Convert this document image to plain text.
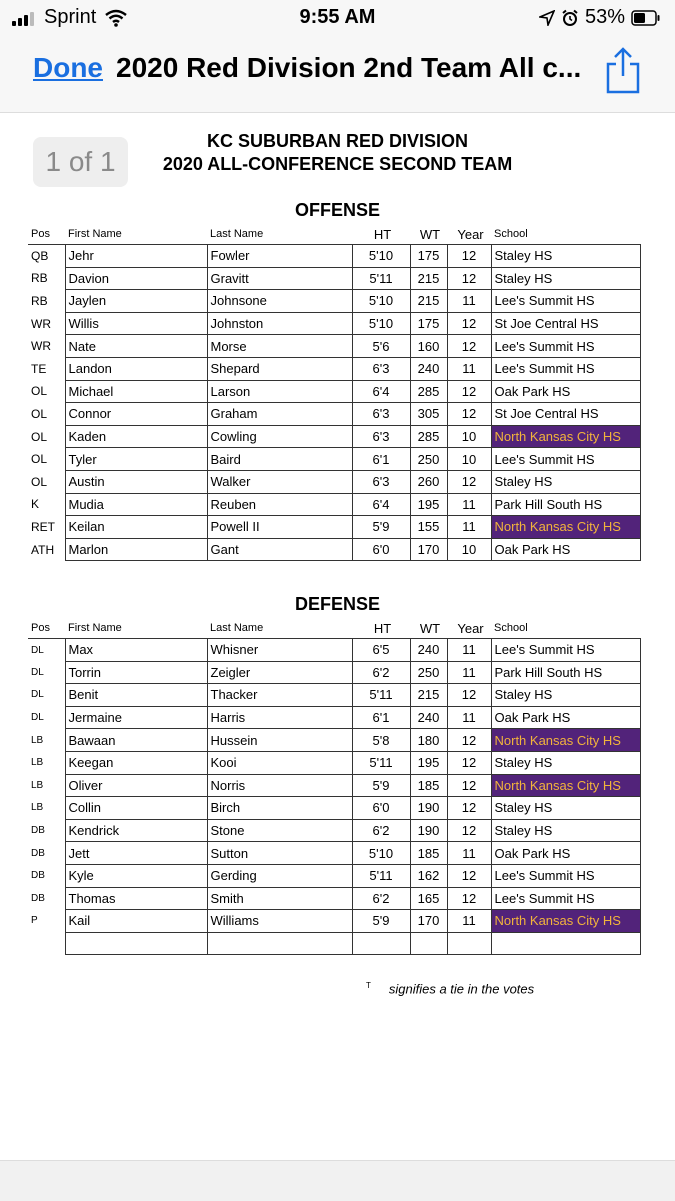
Sprint	9:55 AM	53%
Done 2020 Red Division 2nd Team All c...
1 of 1
KC SUBURBAN RED DIVISION
2020 ALL-CONFERENCE SECOND TEAM
OFFENSE
Pos	First Name	Last Name	HT	WT	Year	School
QB	Jehr	Fowler	5'10	175	12	Staley HS
RB	Davion	Gravitt	5'11	215	12	Staley HS
RB	Jaylen	Johnsone	5'10	215	11	Lee's Summit HS
WR	Willis	Johnston	5'10	175	12	St Joe Central HS
WR	Nate	Morse	5'6	160	12	Lee's Summit HS
TE	Landon	Shepard	6'3	240	11	Lee's Summit HS
OL	Michael	Larson	6'4	285	12	Oak Park HS
OL	Connor	Graham	6'3	305	12	St Joe Central HS
OL	Kaden	Cowling	6'3	285	10	North Kansas City HS
OL	Tyler	Baird	6'1	250	10	Lee's Summit HS
OL	Austin	Walker	6'3	260	12	Staley HS
K	Mudia	Reuben	6'4	195	11	Park Hill South HS
RET	Keilan	Powell II	5'9	155	11	North Kansas City HS
ATH	Marlon	Gant	6'0	170	10	Oak Park HS
DEFENSE
Pos	First Name	Last Name	HT	WT	Year	School
DL	Max	Whisner	6'5	240	11	Lee's Summit HS
DL	Torrin	Zeigler	6'2	250	11	Park Hill South HS
DL	Benit	Thacker	5'11	215	12	Staley HS
DL	Jermaine	Harris	6'1	240	11	Oak Park HS
LB	Bawaan	Hussein	5'8	180	12	North Kansas City HS
LB	Keegan	Kooi	5'11	195	12	Staley HS
LB	Oliver	Norris	5'9	185	12	North Kansas City HS
LB	Collin	Birch	6'0	190	12	Staley HS
DB	Kendrick	Stone	6'2	190	12	Staley HS
DB	Jett	Sutton	5'10	185	11	Oak Park HS
DB	Kyle	Gerding	5'11	162	12	Lee's Summit HS
DB	Thomas	Smith	6'2	165	12	Lee's Summit HS
P	Kail	Williams	5'9	170	11	North Kansas City HS

$^T$ signifies a tie in the votes
